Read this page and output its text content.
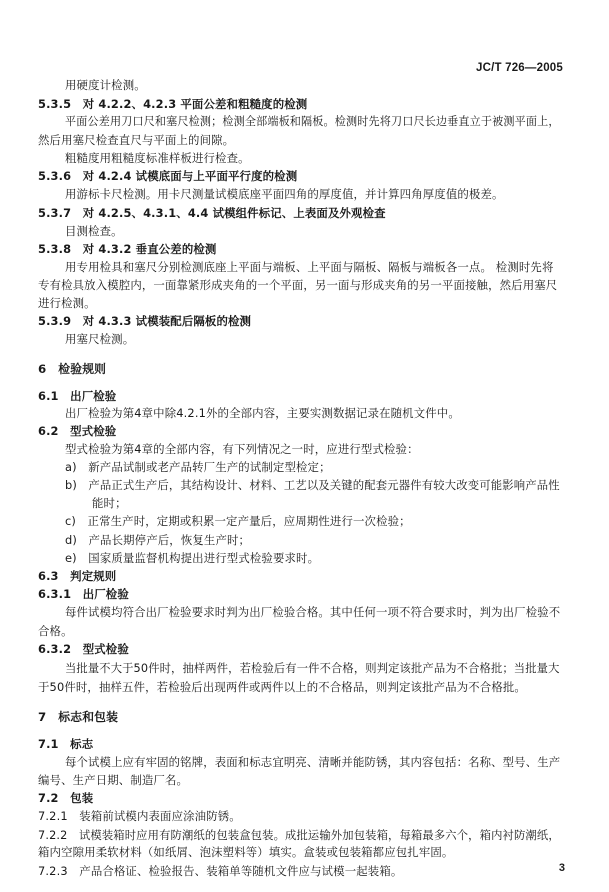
JC/T 726—2005
用硬度计检测。
5.3.5　对 4.2.2、4.2.3 平面公差和粗糙度的检测
平面公差用刀口尺和塞尺检测；检测全部端板和隔板。检测时先将刀口尺长边垂直立于被测平面上，
然后用塞尺检查直尺与平面上的间隙。
粗糙度用粗糙度标准样板进行检查。
5.3.6　对 4.2.4 试模底面与上平面平行度的检测
用游标卡尺检测。用卡尺测量试模底座平面四角的厚度值，并计算四角厚度值的极差。
5.3.7　对 4.2.5、4.3.1、4.4 试模组件标记、上表面及外观检查
目测检查。
5.3.8　对 4.3.2 垂直公差的检测
用专用检具和塞尺分别检测底座上平面与端板、上平面与隔板、隔板与端板各一点。 检测时先将
专有检具放入模腔内，一面靠紧形成夹角的一个平面，另一面与形成夹角的另一平面接触，然后用塞尺
进行检测。
5.3.9　对 4.3.3 试模装配后隔板的检测
用塞尺检测。
6　检验规则
6.1　出厂检验
出厂检验为第4章中除4.2.1外的全部内容，主要实测数据记录在随机文件中。
6.2　型式检验
型式检验为第4章的全部内容，有下列情况之一时，应进行型式检验：
a)　新产品试制或老产品转厂生产的试制定型检定；
b)　产品正式生产后，其结构设计、材料、工艺以及关键的配套元器件有较大改变可能影响产品性
能时；
c)　正常生产时，定期或积累一定产量后，应周期性进行一次检验；
d)　产品长期停产后，恢复生产时；
e)　国家质量监督机构提出进行型式检验要求时。
6.3　判定规则
6.3.1　出厂检验
每件试模均符合出厂检验要求时判为出厂检验合格。其中任何一项不符合要求时，判为出厂检验不
合格。
6.3.2　型式检验
当批量不大于50件时，抽样两件，若检验后有一件不合格，则判定该批产品为不合格批；当批量大
于50件时，抽样五件，若检验后出现两件或两件以上的不合格品，则判定该批产品为不合格批。
7　标志和包装
7.1　标志
每个试模上应有牢固的铭牌，表面和标志宜明亮、清晰并能防锈，其内容包括：名称、型号、生产
编号、生产日期、制造厂名。
7.2　包装
7.2.1　装箱前试模内表面应涂油防锈。
7.2.2　试模装箱时应用有防潮纸的包装盒包装。成批运输外加包装箱，每箱最多六个，箱内衬防潮纸，
箱内空隙用柔软材料（如纸屑、泡沫塑料等）填实。盒装或包装箱都应包扎牢固。
7.2.3　产品合格证、检验报告、装箱单等随机文件应与试模一起装箱。	3
